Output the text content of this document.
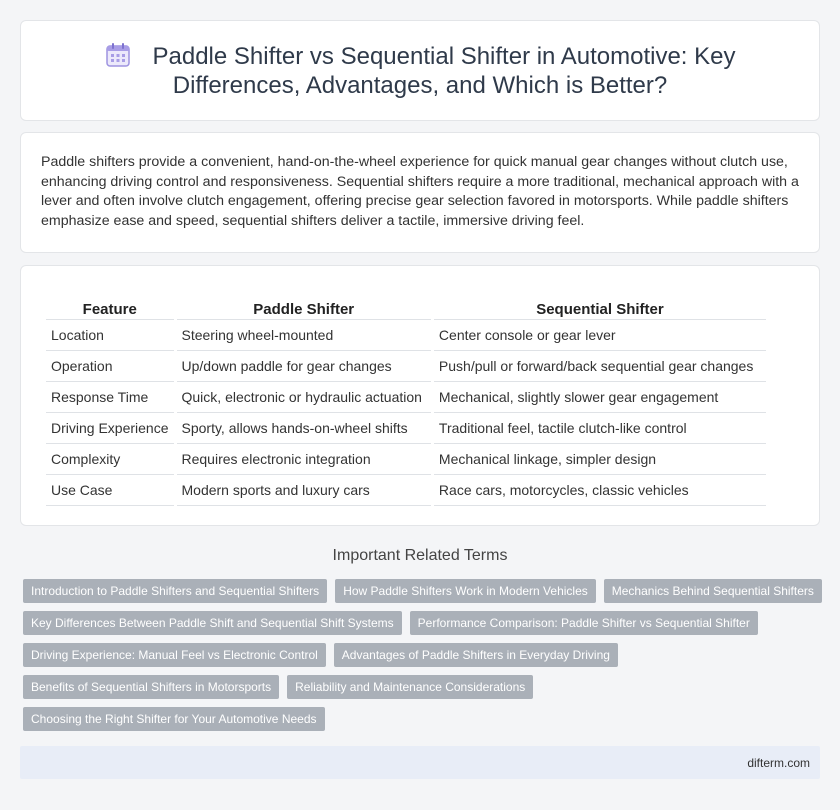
Paddle Shifter vs Sequential Shifter in Automotive: Key Differences, Advantages, and Which is Better?

Paddle shifters provide a convenient, hand-on-the-wheel experience for quick manual gear changes without clutch use, enhancing driving control and responsiveness. Sequential shifters require a more traditional, mechanical approach with a lever and often involve clutch engagement, offering precise gear selection favored in motorsports. While paddle shifters emphasize ease and speed, sequential shifters deliver a tactile, immersive driving feel.

Feature	Paddle Shifter	Sequential Shifter
Location	Steering wheel-mounted	Center console or gear lever
Operation	Up/down paddle for gear changes	Push/pull or forward/back sequential gear changes
Response Time	Quick, electronic or hydraulic actuation	Mechanical, slightly slower gear engagement
Driving Experience	Sporty, allows hands-on-wheel shifts	Traditional feel, tactile clutch-like control
Complexity	Requires electronic integration	Mechanical linkage, simpler design
Use Case	Modern sports and luxury cars	Race cars, motorcycles, classic vehicles
Important Related Terms
Introduction to Paddle Shifters and Sequential Shifters	How Paddle Shifters Work in Modern Vehicles	Mechanics Behind Sequential Shifters
Key Differences Between Paddle Shift and Sequential Shift Systems	Performance Comparison: Paddle Shifter vs Sequential Shifter
Driving Experience: Manual Feel vs Electronic Control	Advantages of Paddle Shifters in Everyday Driving
Benefits of Sequential Shifters in Motorsports	Reliability and Maintenance Considerations
Choosing the Right Shifter for Your Automotive Needs
difterm.com
